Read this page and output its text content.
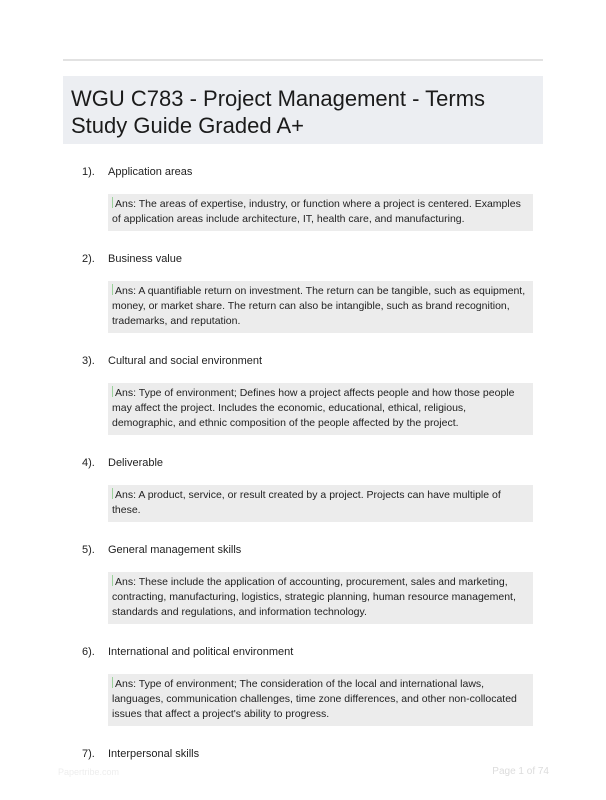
WGU C783 - Project Management - Terms Study Guide Graded A+
1).	Application areas
Ans: The areas of expertise, industry, or function where a project is centered. Examples of application areas include architecture, IT, health care, and manufacturing.
2).	Business value
Ans: A quantifiable return on investment. The return can be tangible, such as equipment, money, or market share. The return can also be intangible, such as brand recognition, trademarks, and reputation.
3).	Cultural and social environment
Ans: Type of environment; Defines how a project affects people and how those people may affect the project. Includes the economic, educational, ethical, religious, demographic, and ethnic composition of the people affected by the project.
4).	Deliverable
Ans: A product, service, or result created by a project. Projects can have multiple of these.
5).	General management skills
Ans: These include the application of accounting, procurement, sales and marketing, contracting, manufacturing, logistics, strategic planning, human resource management, standards and regulations, and information technology.
6).	International and political environment
Ans: Type of environment; The consideration of the local and international laws, languages, communication challenges, time zone differences, and other non-collocated issues that affect a project's ability to progress.
7).	Interpersonal skills
Papertribe.com	Page 1 of 74
